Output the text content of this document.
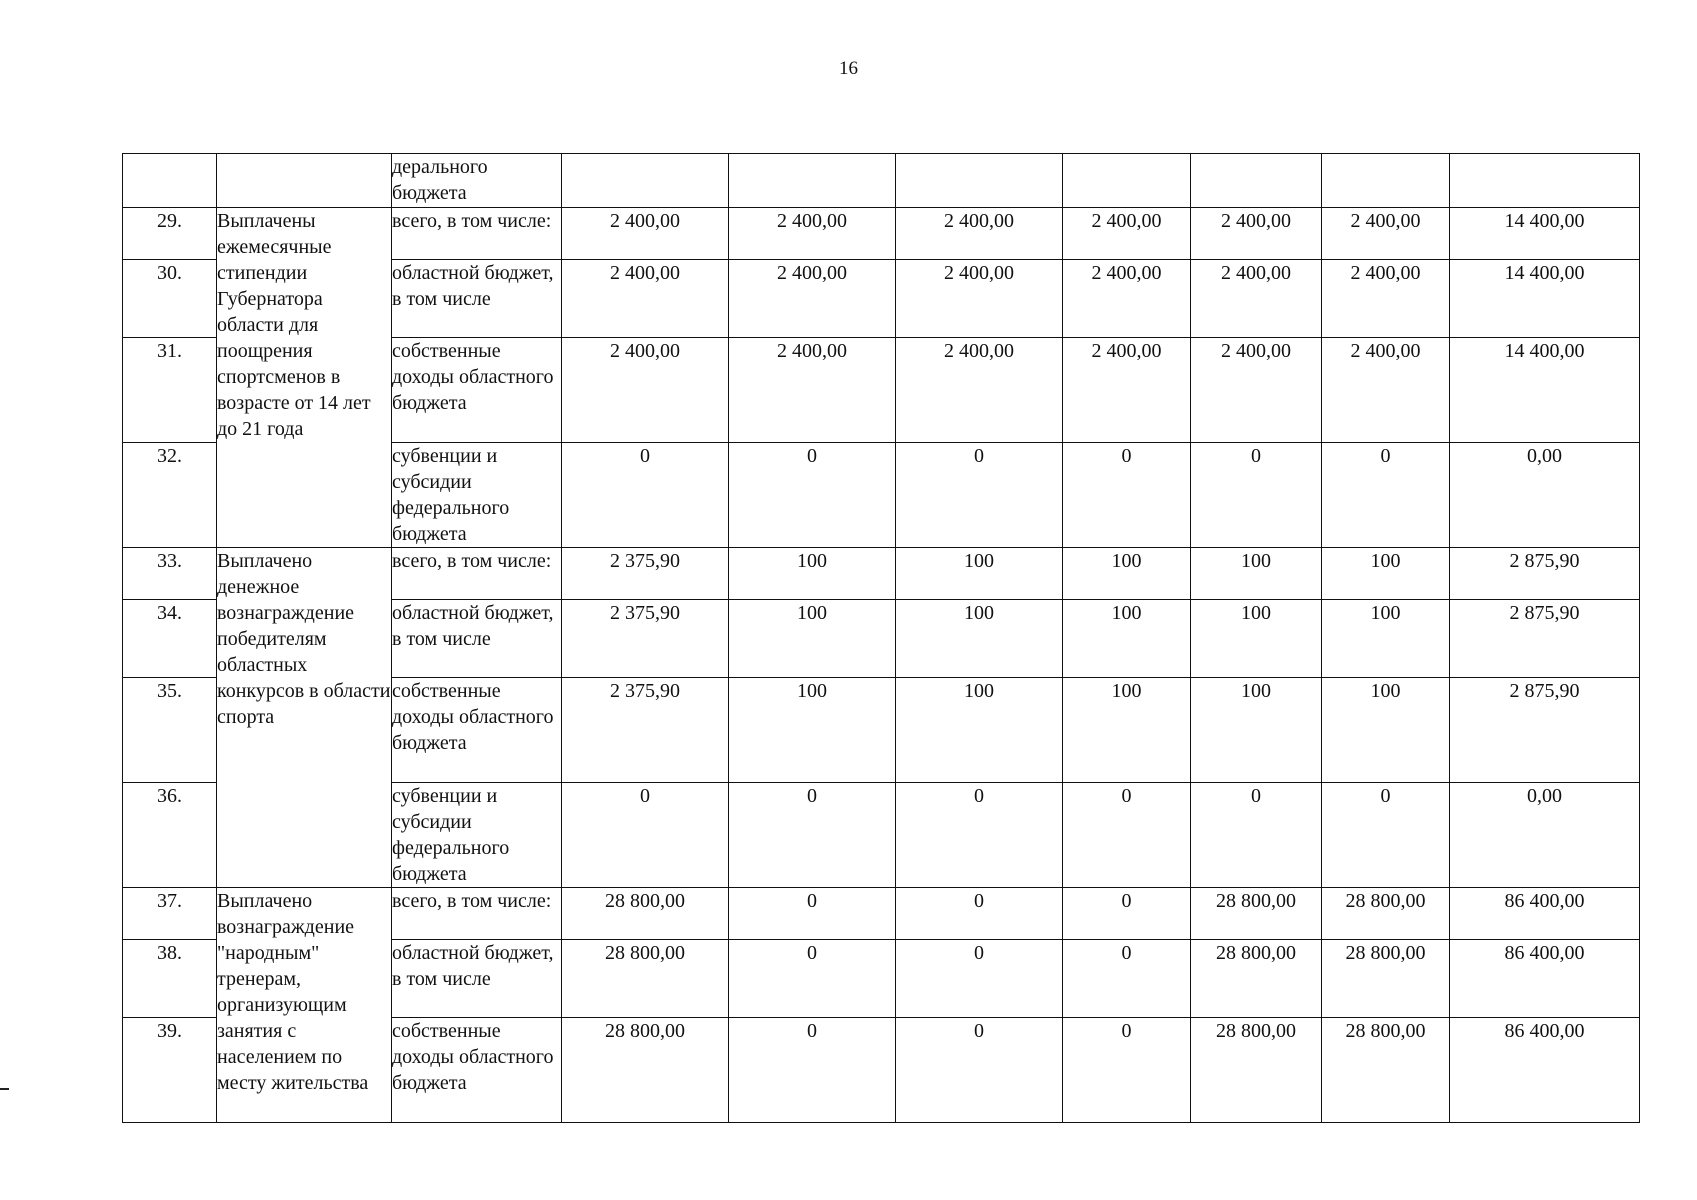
16
		дерального бюджета							
29.	Выплачены ежемесячные стипендии Губернатора области для поощрения спортсменов в возрасте от 14 лет до 21 года	всего, в том числе:	2 400,00	2 400,00	2 400,00	2 400,00	2 400,00	2 400,00	14 400,00
30.		областной бюджет, в том числе	2 400,00	2 400,00	2 400,00	2 400,00	2 400,00	2 400,00	14 400,00
31.		собственные доходы областного бюджета	2 400,00	2 400,00	2 400,00	2 400,00	2 400,00	2 400,00	14 400,00
32.		субвенции и субсидии федерального бюджета	0	0	0	0	0	0	0,00
33.	Выплачено денежное вознаграждение победителям областных конкурсов в области спорта	всего, в том числе:	2 375,90	100	100	100	100	100	2 875,90
34.		областной бюджет, в том числе	2 375,90	100	100	100	100	100	2 875,90
35.		собственные доходы областного бюджета	2 375,90	100	100	100	100	100	2 875,90
36.		субвенции и субсидии федерального бюджета	0	0	0	0	0	0	0,00
37.	Выплачено вознаграждение "народным" тренерам, организующим занятия с населением по месту жительства	всего, в том числе:	28 800,00	0	0	0	28 800,00	28 800,00	86 400,00
38.		областной бюджет, в том числе	28 800,00	0	0	0	28 800,00	28 800,00	86 400,00
39.		собственные доходы областного бюджета	28 800,00	0	0	0	28 800,00	28 800,00	86 400,00
